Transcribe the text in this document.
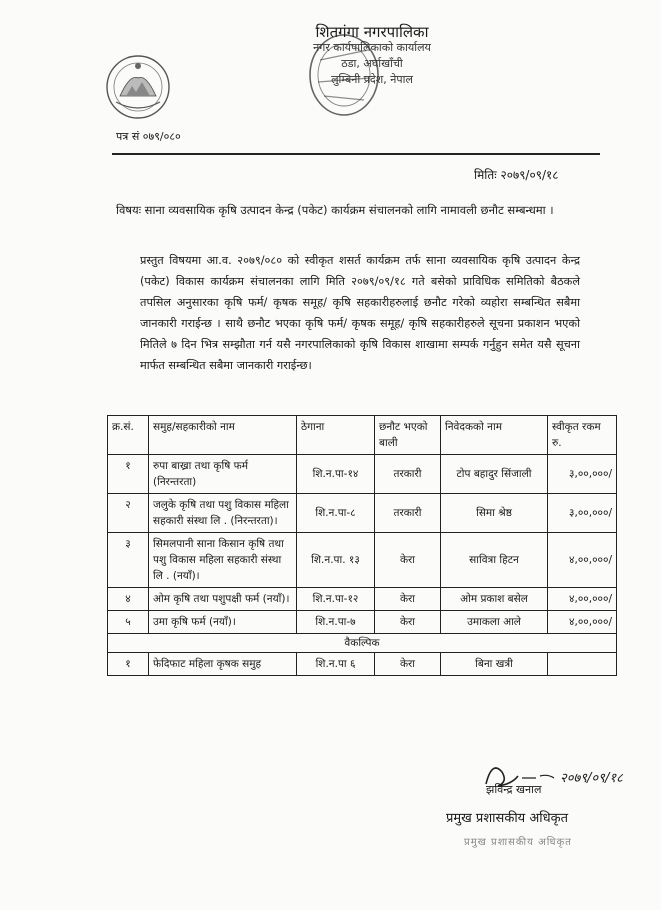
शितगंगा नगरपालिका
नगर कार्यपालिकाको कार्यालय
ठडा, अर्घाखाँची
लुम्बिनी प्रदेश, नेपाल
पत्र सं ०७९/०८०
मितिः २०७९/०९/१८
विषयः साना व्यवसायिक कृषि उत्पादन केन्द्र (पकेट) कार्यक्रम संचालनको लागि नामावली छनौट सम्बन्धमा ।
प्रस्तुत विषयमा आ.व. २०७९/०८० को स्वीकृत शसर्त कार्यक्रम तर्फ साना व्यवसायिक कृषि उत्पादन केन्द्र (पकेट) विकास कार्यक्रम संचालनका लागि मिति २०७९/०९/१८ गते बसेको प्राविधिक समितिको बैठकले तपसिल अनुसारका कृषि फर्म/ कृषक समूह/ कृषि सहकारीहरुलाई छनौट गरेको व्यहोरा सम्बन्धित सबैमा जानकारी गराईन्छ । साथै छनौट भएका कृषि फर्म/ कृषक समूह/ कृषि सहकारीहरुले सूचना प्रकाशन भएको मितिले ७ दिन भित्र सम्झौता गर्न यसै नगरपालिकाको कृषि विकास शाखामा सम्पर्क गर्नुहुन समेत यसै सूचना मार्फत सम्बन्धित सबैमा जानकारी गराईन्छ।
क्र.सं.	समुह/सहकारीको नाम	ठेगाना	छनौट भएको बाली	निवेदकको नाम	स्वीकृत रकम रु.
१	रुपा बाख्रा तथा कृषि फर्म (निरन्तरता)	शि.न.पा-१४	तरकारी	टोप बहादुर सिंजाली	३,००,०००/
२	जलुके कृषि तथा पशु विकास महिला सहकारी संस्था लि . (निरन्तरता)।	शि.न.पा-८	तरकारी	सिमा श्रेष्ठ	३,००,०००/
३	सिमलपानी साना किसान कृषि तथा पशु विकास महिला सहकारी संस्था लि . (नयाँ)।	शि.न.पा. १३	केरा	सावित्रा हिटन	४,००,०००/
४	ओम कृषि तथा पशुपक्षी फर्म (नयाँ)।	शि.न.पा-१२	केरा	ओम प्रकाश बसेल	४,००,०००/
५	उमा कृषि फर्म (नयाँ)।	शि.न.पा-७	केरा	उमाकला आले	४,००,०००/
वैकल्पिक					
१	फेदिफाट महिला कृषक समुह	शि.न.पा ६	केरा	बिना खत्री	
२०७९/०९/१८
झविन्द्र खनाल
प्रमुख प्रशासकीय अधिकृत
प्रमुख प्रशासकीय अधिकृत
